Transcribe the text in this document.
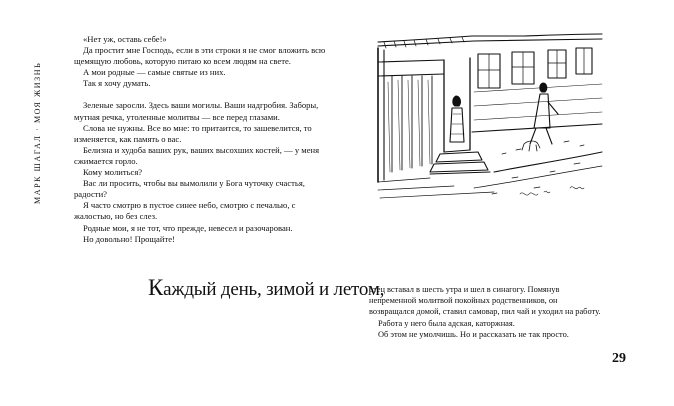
МАРК ШАГАЛ · МОЯ ЖИЗНЬ

«Нет уж, оставь себе!»

Да простит мне Господь, если в эти строки я не смог вложить всю щемящую любовь, которую питаю ко всем людям на свете.

А мои родные — самые святые из них.

Так я хочу думать.

Зеленые заросли. Здесь ваши могилы. Ваши надгробия. Заборы, мутная речка, утоленные молитвы — все перед глазами.

Слова не нужны. Все во мне: то притаится, то зашевелится, то изменяется, как память о вас.

Белизна и худоба ваших рук, ваших высохших костей, — у меня сжимается горло.

Кому молиться?

Вас ли просить, чтобы вы вымолили у Бога чуточку счастья, радости?

Я часто смотрю в пустое синее небо, смотрю с печалью, с жалостью, но без слез.

Родные мои, я не тот, что прежде, невесел и разочарован.

Но довольно! Прощайте!

Каждый день, зимой и летом,

отец вставал в шесть утра и шел в синагогу. Помянув непременной молитвой покойных родственников, он возвращался домой, ставил самовар, пил чай и уходил на работу.

Работа у него была адская, каторжная.

Об этом не умолчишь. Но и рассказать не так просто.

29
